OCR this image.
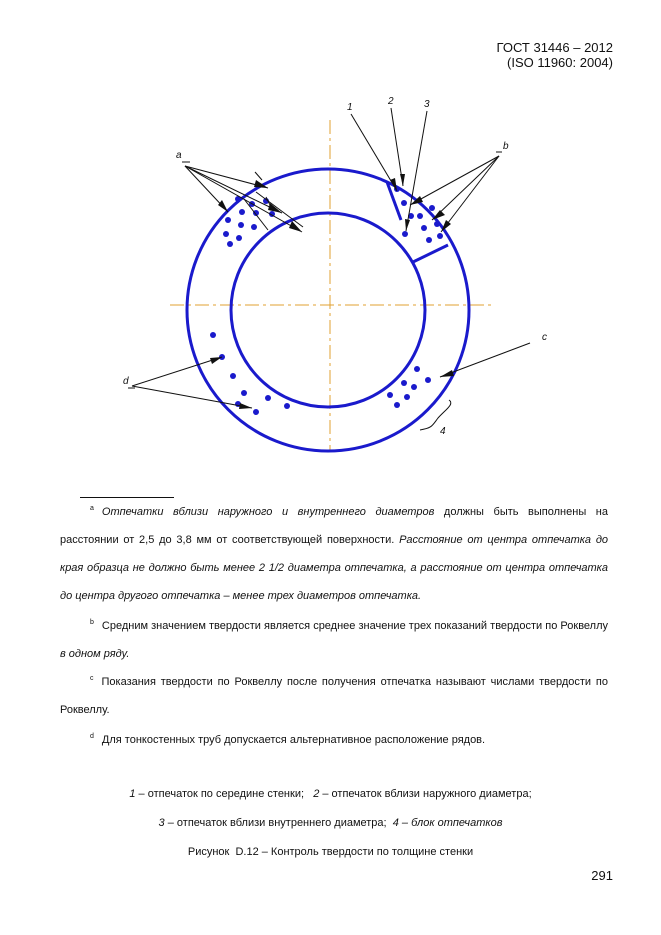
ГОСТ 31446 – 2012
(ISO 11960: 2004)
1
2	3
4
a
b
c
d
$^a$ Отпечатки вблизи наружного и внутреннего диаметров должны быть выполнены на расстоянии от 2,5 до 3,8 мм от соответствующей поверхности. Расстояние от центра отпечатка до края образца не должно быть менее 2 1/2 диаметра отпечатка, а расстояние от центра отпечатка до центра другого отпечатка – менее трех диаметров отпечатка.
$^b$ Средним значением твердости является среднее значение трех показаний твердости по Роквеллу в одном ряду.
$^c$ Показания твердости по Роквеллу после получения отпечатка называют числами твердости по Роквеллу.
$^d$ Для тонкостенных труб допускается альтернативное расположение рядов.
1 – отпечаток по середине стенки;   2 – отпечаток вблизи наружного диаметра;
3 – отпечаток вблизи внутреннего диаметра;  4 – блок отпечатков
Рисунок  D.12 – Контроль твердости по толщине стенки
291
